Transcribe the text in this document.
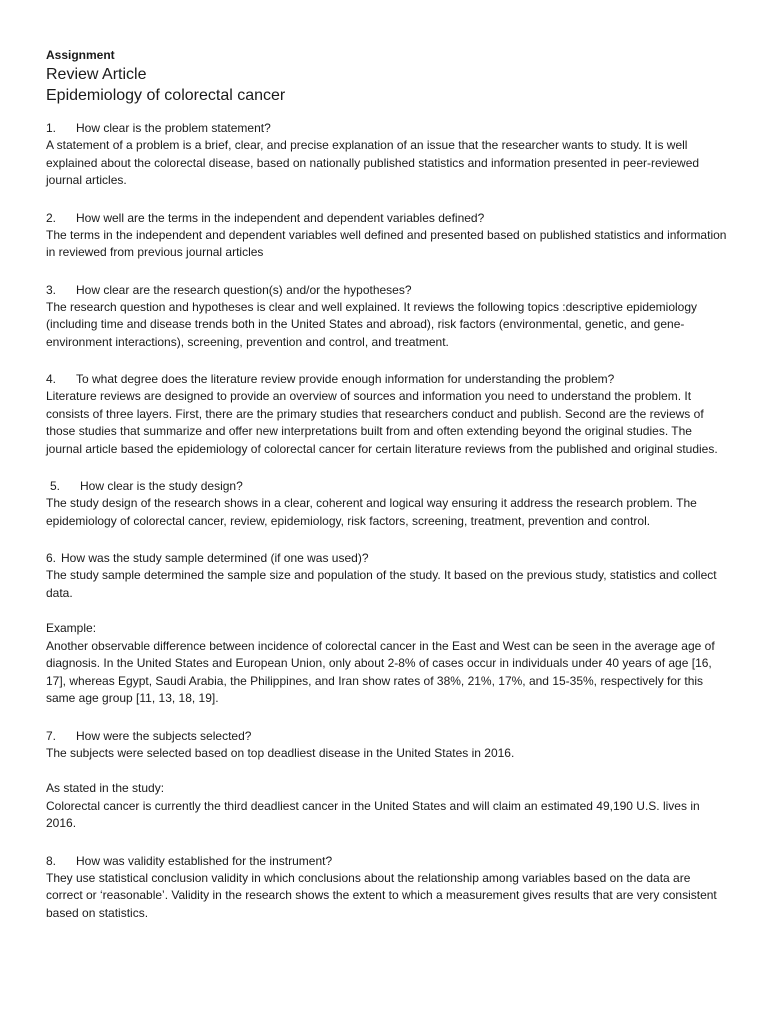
Assignment
Review Article
Epidemiology of colorectal cancer
1.	How clear is the problem statement?
A statement of a problem is a brief, clear, and precise explanation of an issue that the researcher wants to study. It is well explained about the colorectal disease, based on nationally published statistics and information presented in peer-reviewed journal articles.
2.	How well are the terms in the independent and dependent variables defined?
The terms in the independent and dependent variables well defined and presented based on published statistics and information in reviewed from previous journal articles
3.	How clear are the research question(s) and/or the hypotheses?
The research question and hypotheses is clear and well explained. It reviews the following topics :descriptive epidemiology (including time and disease trends both in the United States and abroad), risk factors (environmental, genetic, and gene-environment interactions), screening, prevention and control, and treatment.
4.	To what degree does the literature review provide enough information for understanding the problem?
Literature reviews are designed to provide an overview of sources and information you need to understand the problem. It consists of three layers. First, there are the primary studies that researchers conduct and publish. Second are the reviews of those studies that summarize and offer new interpretations built from and often extending beyond the original studies. The journal article based the epidemiology of colorectal cancer for certain literature reviews from the published and original studies.
5.	How clear is the study design?
The study design of the research shows in a clear, coherent and logical way ensuring it address the research problem. The epidemiology of colorectal cancer, review, epidemiology, risk factors, screening, treatment, prevention and control.
6. How was the study sample determined (if one was used)?
The study sample determined the sample size and population of the study. It based on the previous study, statistics and collect data.
Example:
Another observable difference between incidence of colorectal cancer in the East and West can be seen in the average age of diagnosis. In the United States and European Union, only about 2-8% of cases occur in individuals under 40 years of age [16, 17], whereas Egypt, Saudi Arabia, the Philippines, and Iran show rates of 38%, 21%, 17%, and 15-35%, respectively for this same age group [11, 13, 18, 19].
7.	How were the subjects selected?
The subjects were selected based on top deadliest disease in the United States in 2016.
As stated in the study:
Colorectal cancer is currently the third deadliest cancer in the United States and will claim an estimated 49,190 U.S. lives in 2016.
8.	How was validity established for the instrument?
They use statistical conclusion validity in which conclusions about the relationship among variables based on the data are correct or ‘reasonable’. Validity in the research shows the extent to which a measurement gives results that are very consistent based on statistics.
